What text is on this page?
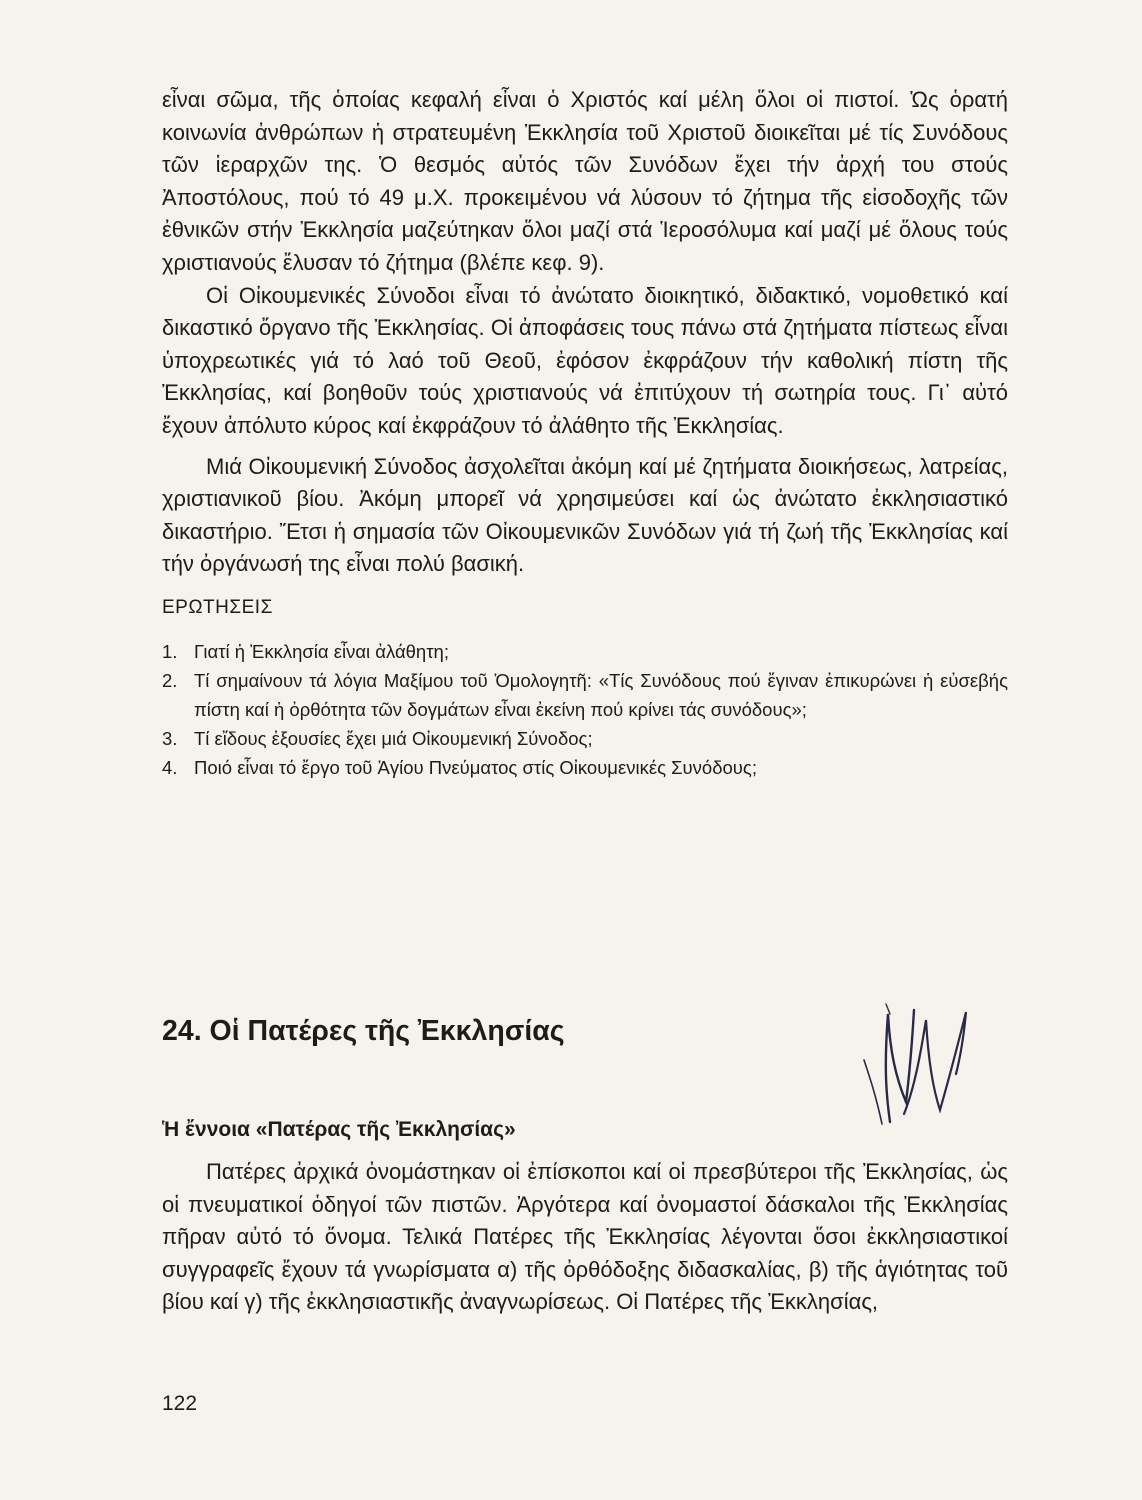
εἶναι σῶμα, τῆς ὁποίας κεφαλή εἶναι ὁ Χριστός καί μέλη ὅλοι οἱ πιστοί. Ὡς ὁρατή κοινωνία ἀνθρώπων ἡ στρατευμένη Ἐκκλησία τοῦ Χριστοῦ διοικεῖται μέ τίς Συνόδους τῶν ἱεραρχῶν της. Ὁ θεσμός αὐτός τῶν Συνόδων ἔχει τήν ἀρχή του στούς Ἀποστόλους, πού τό 49 μ.Χ. προκειμένου νά λύσουν τό ζήτημα τῆς εἰσοδοχῆς τῶν ἐθνικῶν στήν Ἐκκλησία μαζεύτηκαν ὅλοι μαζί στά Ἱεροσόλυμα καί μαζί μέ ὅλους τούς χριστιανούς ἔλυσαν τό ζήτημα (βλέπε κεφ. 9).

Οἱ Οἰκουμενικές Σύνοδοι εἶναι τό ἀνώτατο διοικητικό, διδακτικό, νομοθετικό καί δικαστικό ὄργανο τῆς Ἐκκλησίας. Οἱ ἀποφάσεις τους πάνω στά ζητήματα πίστεως εἶναι ὑποχρεωτικές γιά τό λαό τοῦ Θεοῦ, ἐφόσον ἐκφράζουν τήν καθολική πίστη τῆς Ἐκκλησίας, καί βοηθοῦν τούς χριστιανούς νά ἐπιτύχουν τή σωτηρία τους. Γι᾽ αὐτό ἔχουν ἀπόλυτο κύρος καί ἐκφράζουν τό ἀλάθητο τῆς Ἐκκλησίας.

Μιά Οἰκουμενική Σύνοδος ἀσχολεῖται ἀκόμη καί μέ ζητήματα διοικήσεως, λατρείας, χριστιανικοῦ βίου. Ἀκόμη μπορεῖ νά χρησιμεύσει καί ὡς ἀνώτατο ἐκκλησιαστικό δικαστήριο. Ἔτσι ἡ σημασία τῶν Οἰκουμενικῶν Συνόδων γιά τή ζωή τῆς Ἐκκλησίας καί τήν ὀργάνωσή της εἶναι πολύ βασική.

ΕΡΩΤΗΣΕΙΣ
1. Γιατί ἡ Ἐκκλησία εἶναι ἀλάθητη;
2. Τί σημαίνουν τά λόγια Μαξίμου τοῦ Ὁμολογητῆ: «Τίς Συνόδους πού ἔγιναν ἐπικυρώνει ἡ εὐσεβής πίστη καί ἡ ὀρθότητα τῶν δογμάτων εἶναι ἐκείνη πού κρίνει τάς συνόδους»;
3. Τί εἴδους ἐξουσίες ἔχει μιά Οἰκουμενική Σύνοδος;
4. Ποιό εἶναι τό ἔργο τοῦ Ἁγίου Πνεύματος στίς Οἰκουμενικές Συνόδους;
24. Οἱ Πατέρες τῆς Ἐκκλησίας
Ἡ ἔννοια «Πατέρας τῆς Ἐκκλησίας»

Πατέρες ἀρχικά ὀνομάστηκαν οἱ ἐπίσκοποι καί οἱ πρεσβύτεροι τῆς Ἐκκλησίας, ὡς οἱ πνευματικοί ὁδηγοί τῶν πιστῶν. Ἀργότερα καί ὀνομαστοί δάσκαλοι τῆς Ἐκκλησίας πῆραν αὐτό τό ὄνομα. Τελικά Πατέρες τῆς Ἐκκλησίας λέγονται ὅσοι ἐκκλησιαστικοί συγγραφεῖς ἔχουν τά γνωρίσματα α) τῆς ὀρθόδοξης διδασκαλίας, β) τῆς ἁγιότητας τοῦ βίου καί γ) τῆς ἐκκλησιαστικῆς ἀναγνωρίσεως. Οἱ Πατέρες τῆς Ἐκκλησίας,

122
